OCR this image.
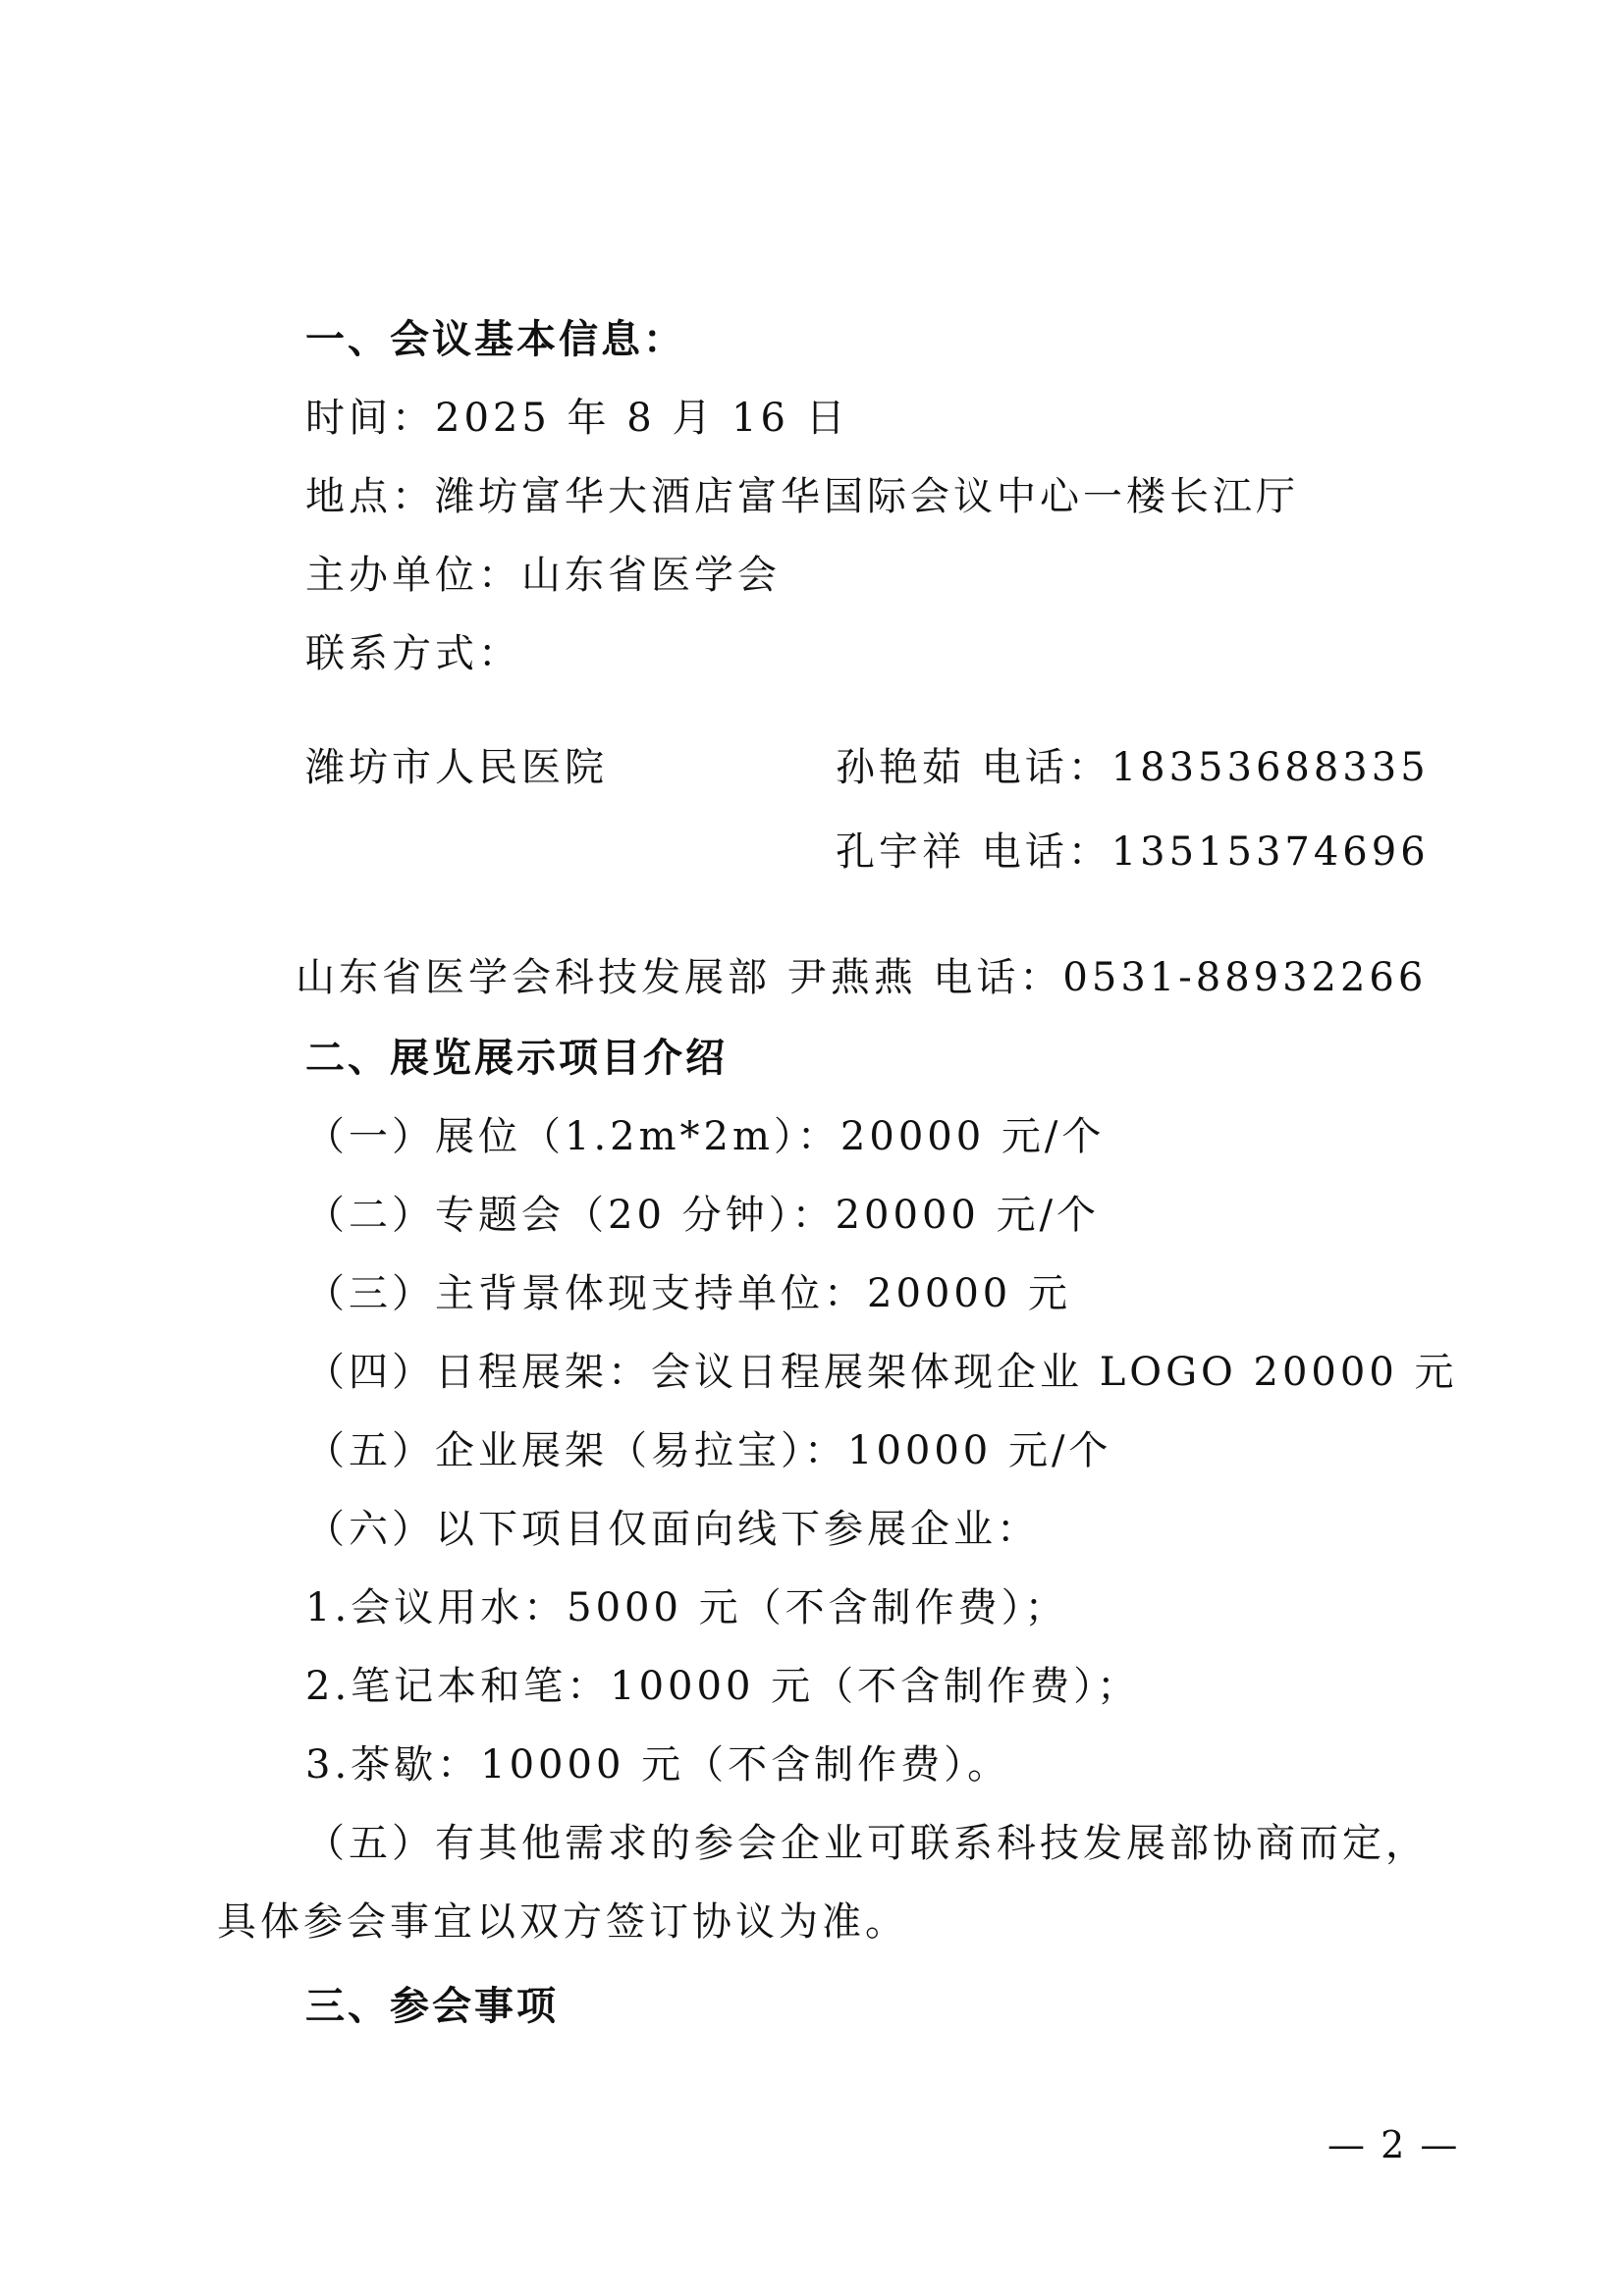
一、会议基本信息：
时间：2025 年 8 月 16 日
地点：潍坊富华大酒店富华国际会议中心一楼长江厅
主办单位：山东省医学会
联系方式：
潍坊市人民医院	孙艳茹 电话：18353688335
孔宇祥 电话：13515374696
山东省医学会科技发展部 尹燕燕 电话：0531-88932266
二、展览展示项目介绍
（一）展位（1.2m*2m）：20000 元/个
（二）专题会（20 分钟）：20000 元/个
（三）主背景体现支持单位：20000 元
（四）日程展架：会议日程展架体现企业 LOGO 20000 元
（五）企业展架（易拉宝）：10000 元/个
（六）以下项目仅面向线下参展企业：
1.会议用水：5000 元（不含制作费）；
2.笔记本和笔：10000 元（不含制作费）；
3.茶歇：10000 元（不含制作费）。
（五）有其他需求的参会企业可联系科技发展部协商而定，
具体参会事宜以双方签订协议为准。
三、参会事项
— 2 —
